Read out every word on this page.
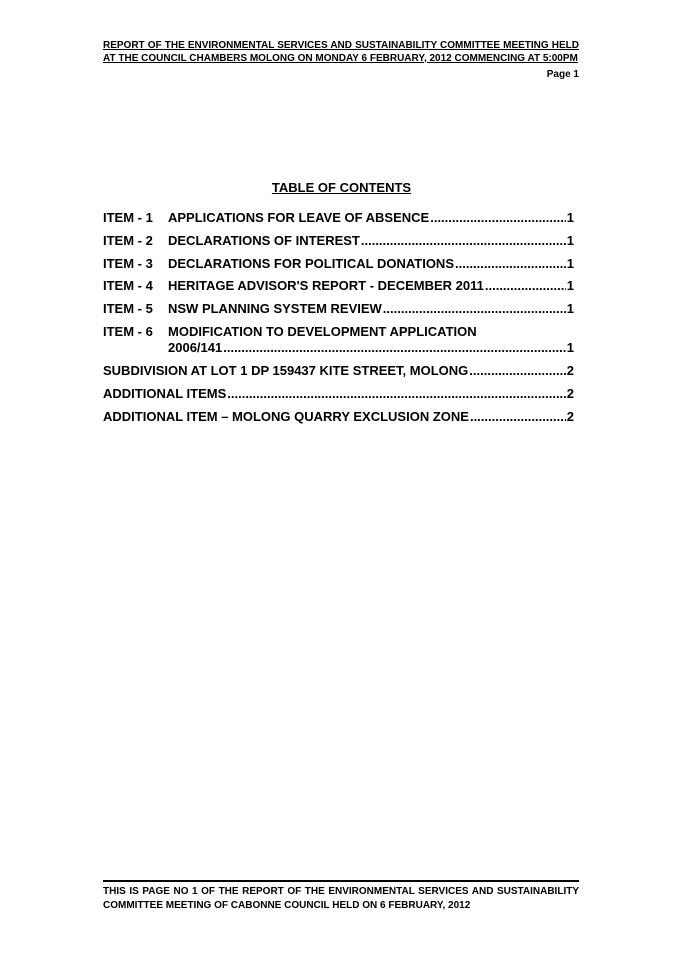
REPORT OF THE ENVIRONMENTAL SERVICES AND SUSTAINABILITY COMMITTEE MEETING HELD AT THE COUNCIL CHAMBERS MOLONG ON MONDAY 6 FEBRUARY, 2012 COMMENCING AT 5:00PM
Page 1
TABLE OF CONTENTS
ITEM - 1	APPLICATIONS FOR LEAVE OF ABSENCE .....	1
ITEM - 2	DECLARATIONS OF INTEREST .....	1
ITEM - 3	DECLARATIONS FOR POLITICAL DONATIONS .....	1
ITEM - 4	HERITAGE ADVISOR'S REPORT - DECEMBER 2011 .....	1
ITEM - 5	NSW PLANNING SYSTEM REVIEW .....	1
ITEM - 6	MODIFICATION TO DEVELOPMENT APPLICATION
2006/141 .....	1
SUBDIVISION AT LOT 1 DP 159437 KITE STREET, MOLONG .....	2
ADDITIONAL ITEMS .....	2
ADDITIONAL ITEM – MOLONG QUARRY EXCLUSION ZONE .....	2
THIS IS PAGE NO 1 OF THE REPORT OF THE ENVIRONMENTAL SERVICES AND SUSTAINABILITY COMMITTEE MEETING OF CABONNE COUNCIL HELD ON 6 FEBRUARY, 2012
